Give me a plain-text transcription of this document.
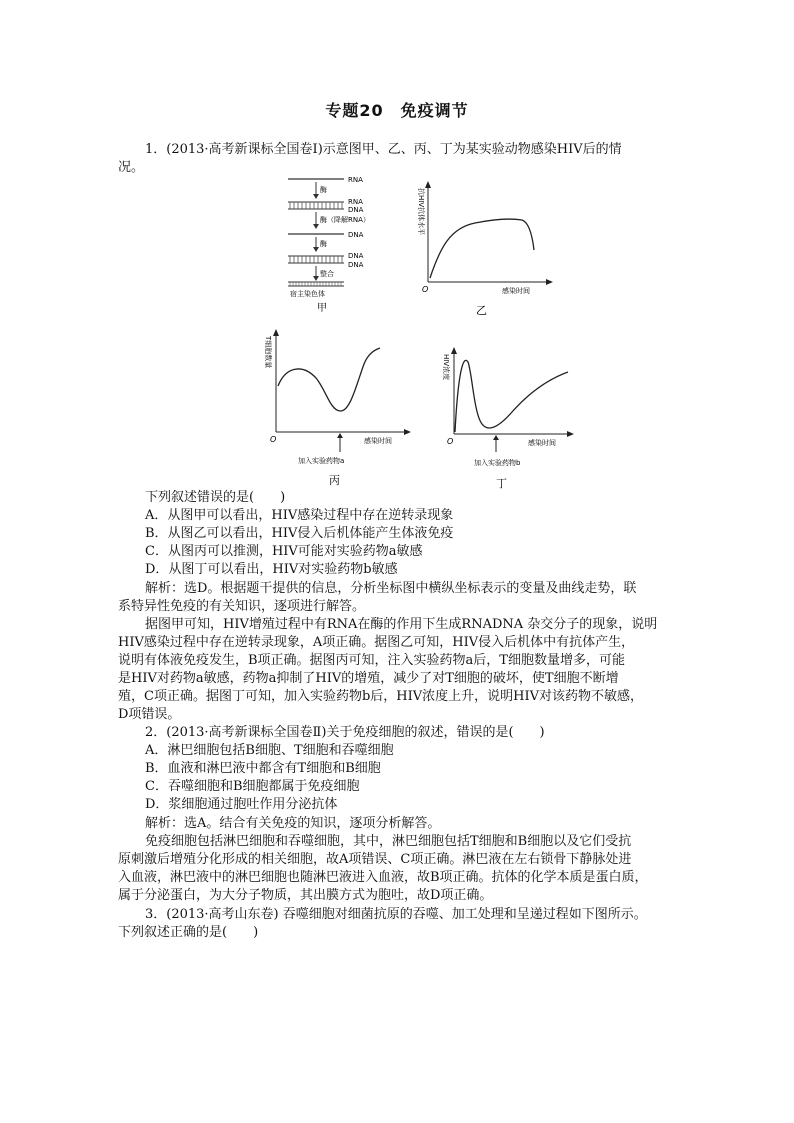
专题20　免疫调节
1．(2013·高考新课标全国卷Ⅰ)示意图甲、乙、丙、丁为某实验动物感染HIV后的情
况。
RNA
酶
RNA
DNA
酶（降解RNA）
DNA
酶
DNA
DNA
整合
宿主染色体
甲
抗HIV抗体水平
O	感染时间
乙
T细胞数量
O	感染时间
加入实验药物a
丙
HIV浓度
O	感染时间
加入实验药物b
丁
下列叙述错误的是(　　)
A．从图甲可以看出，HIV感染过程中存在逆转录现象
B．从图乙可以看出，HIV侵入后机体能产生体液免疫
C．从图丙可以推测，HIV可能对实验药物a敏感
D．从图丁可以看出，HIV对实验药物b敏感
解析：选D。根据题干提供的信息，分析坐标图中横纵坐标表示的变量及曲线走势，联
系特异性免疫的有关知识，逐项进行解答。
据图甲可知，HIV增殖过程中有RNA在酶的作用下生成RNADNA 杂交分子的现象，说明
HIV感染过程中存在逆转录现象，A项正确。据图乙可知，HIV侵入后机体中有抗体产生，
说明有体液免疫发生，B项正确。据图丙可知，注入实验药物a后，T细胞数量增多，可能
是HIV对药物a敏感，药物a抑制了HIV的增殖，减少了对T细胞的破坏，使T细胞不断增
殖，C项正确。据图丁可知，加入实验药物b后，HIV浓度上升，说明HIV对该药物不敏感，
D项错误。
2．(2013·高考新课标全国卷Ⅱ)关于免疫细胞的叙述，错误的是(　　)
A．淋巴细胞包括B细胞、T细胞和吞噬细胞
B．血液和淋巴液中都含有T细胞和B细胞
C．吞噬细胞和B细胞都属于免疫细胞
D．浆细胞通过胞吐作用分泌抗体
解析：选A。结合有关免疫的知识，逐项分析解答。
免疫细胞包括淋巴细胞和吞噬细胞，其中，淋巴细胞包括T细胞和B细胞以及它们受抗
原刺激后增殖分化形成的相关细胞，故A项错误、C项正确。淋巴液在左右锁骨下静脉处进
入血液，淋巴液中的淋巴细胞也随淋巴液进入血液，故B项正确。抗体的化学本质是蛋白质，
属于分泌蛋白，为大分子物质，其出膜方式为胞吐，故D项正确。
3．(2013·高考山东卷) 吞噬细胞对细菌抗原的吞噬、加工处理和呈递过程如下图所示。
下列叙述正确的是(　　)
